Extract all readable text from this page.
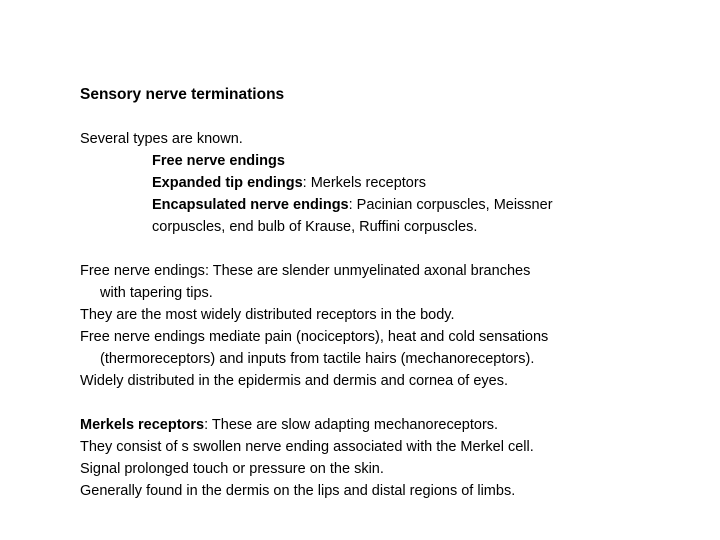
Sensory nerve terminations
Several types are known.
Free nerve endings
Expanded tip endings: Merkels receptors
Encapsulated nerve endings: Pacinian corpuscles, Meissner
corpuscles, end bulb of Krause, Ruffini corpuscles.
Free nerve endings: These are slender unmyelinated axonal branches
with tapering tips.
They are the most widely distributed receptors in the body.
Free nerve endings mediate pain (nociceptors), heat and cold sensations
(thermoreceptors) and inputs from tactile hairs (mechanoreceptors).
Widely distributed in the epidermis and dermis and cornea of eyes.
Merkels receptors: These are slow adapting mechanoreceptors.
They consist of s swollen nerve ending associated with the Merkel cell.
Signal prolonged touch or pressure on the skin.
Generally found in the dermis on the lips and distal regions of limbs.
